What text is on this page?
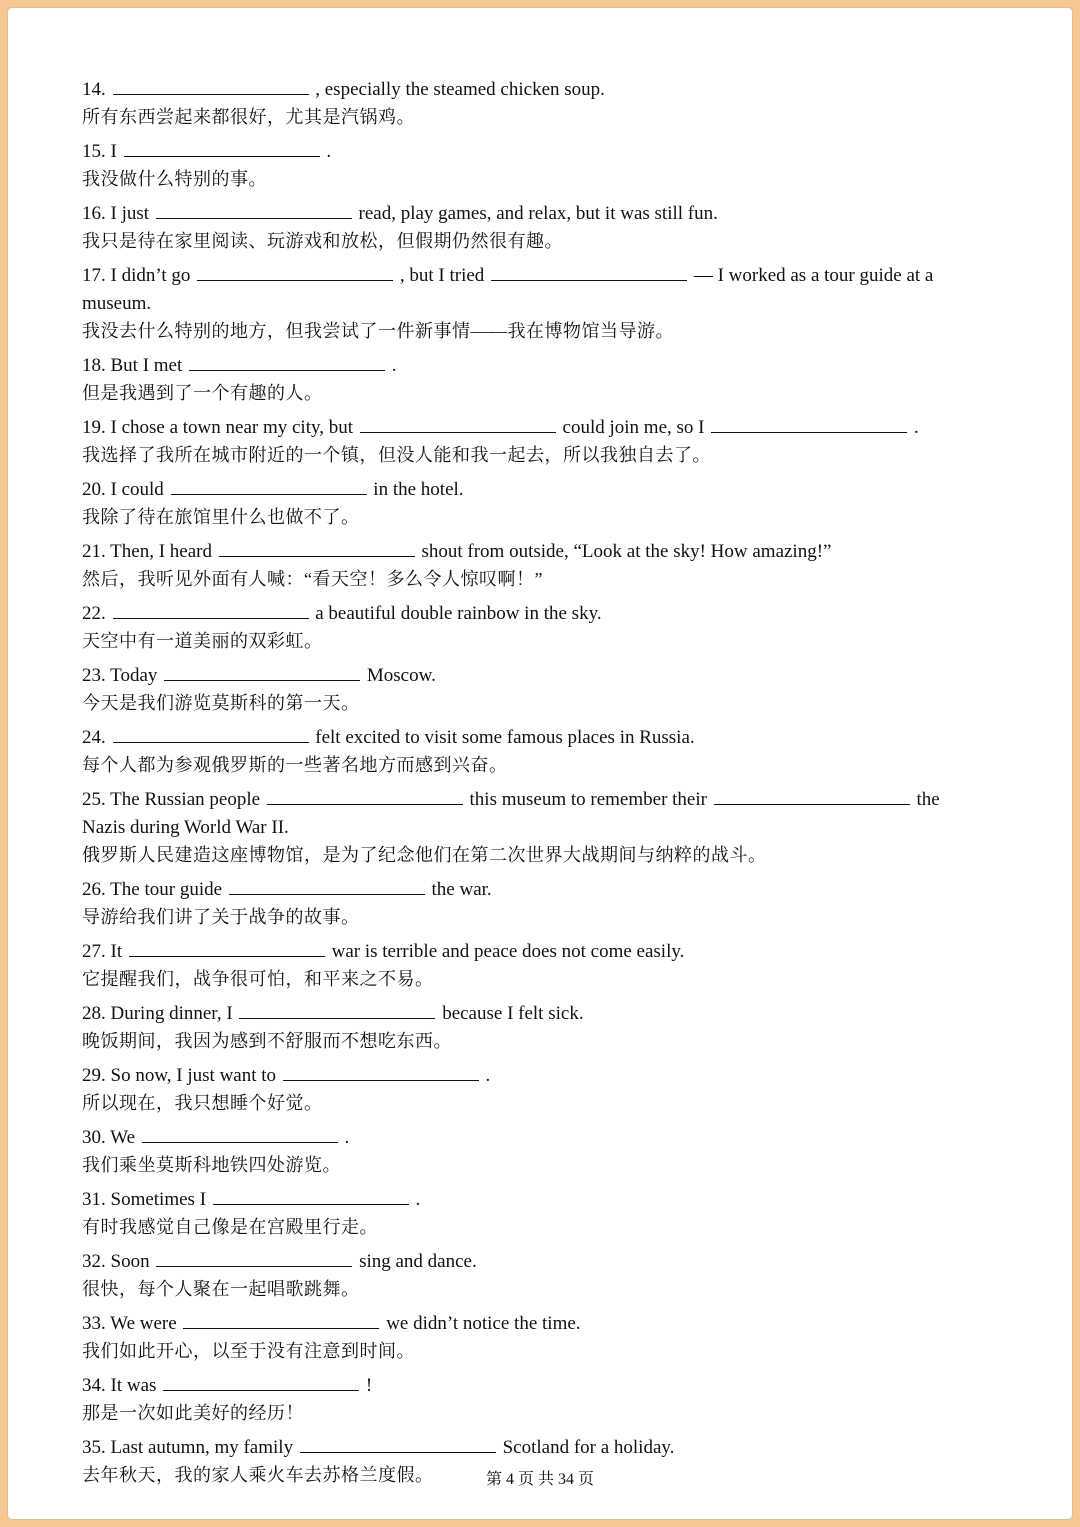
14.	, especially the steamed chicken soup.
所有东西尝起来都很好，尤其是汽锅鸡。
15. I	.
我没做什么特别的事。
16. I just	read, play games, and relax, but it was still fun.
我只是待在家里阅读、玩游戏和放松，但假期仍然很有趣。
17. I didn’t go	, but I tried	— I worked as a tour guide at a museum.
我没去什么特别的地方，但我尝试了一件新事情——我在博物馆当导游。
18. But I met	.
但是我遇到了一个有趣的人。
19. I chose a town near my city, but	could join me, so I	.
我选择了我所在城市附近的一个镇，但没人能和我一起去，所以我独自去了。
20. I could	in the hotel.
我除了待在旅馆里什么也做不了。
21. Then, I heard	shout from outside, “Look at the sky! How amazing!”
然后，我听见外面有人喊：“看天空！多么令人惊叹啊！”
22.	a beautiful double rainbow in the sky.
天空中有一道美丽的双彩虹。
23. Today	Moscow.
今天是我们游览莫斯科的第一天。
24.	felt excited to visit some famous places in Russia.
每个人都为参观俄罗斯的一些著名地方而感到兴奋。
25. The Russian people	this museum to remember their	the Nazis during World War II.
俄罗斯人民建造这座博物馆，是为了纪念他们在第二次世界大战期间与纳粹的战斗。
26. The tour guide	the war.
导游给我们讲了关于战争的故事。
27. It	war is terrible and peace does not come easily.
它提醒我们，战争很可怕，和平来之不易。
28. During dinner, I	because I felt sick.
晚饭期间，我因为感到不舒服而不想吃东西。
29. So now, I just want to	.
所以现在，我只想睡个好觉。
30. We	.
我们乘坐莫斯科地铁四处游览。
31. Sometimes I	.
有时我感觉自己像是在宫殿里行走。
32. Soon	sing and dance.
很快，每个人聚在一起唱歌跳舞。
33. We were	we didn’t notice the time.
我们如此开心，以至于没有注意到时间。
34. It was	!
那是一次如此美好的经历！
35. Last autumn, my family	Scotland for a holiday.
去年秋天，我的家人乘火车去苏格兰度假。	第 4 页 共 34 页
